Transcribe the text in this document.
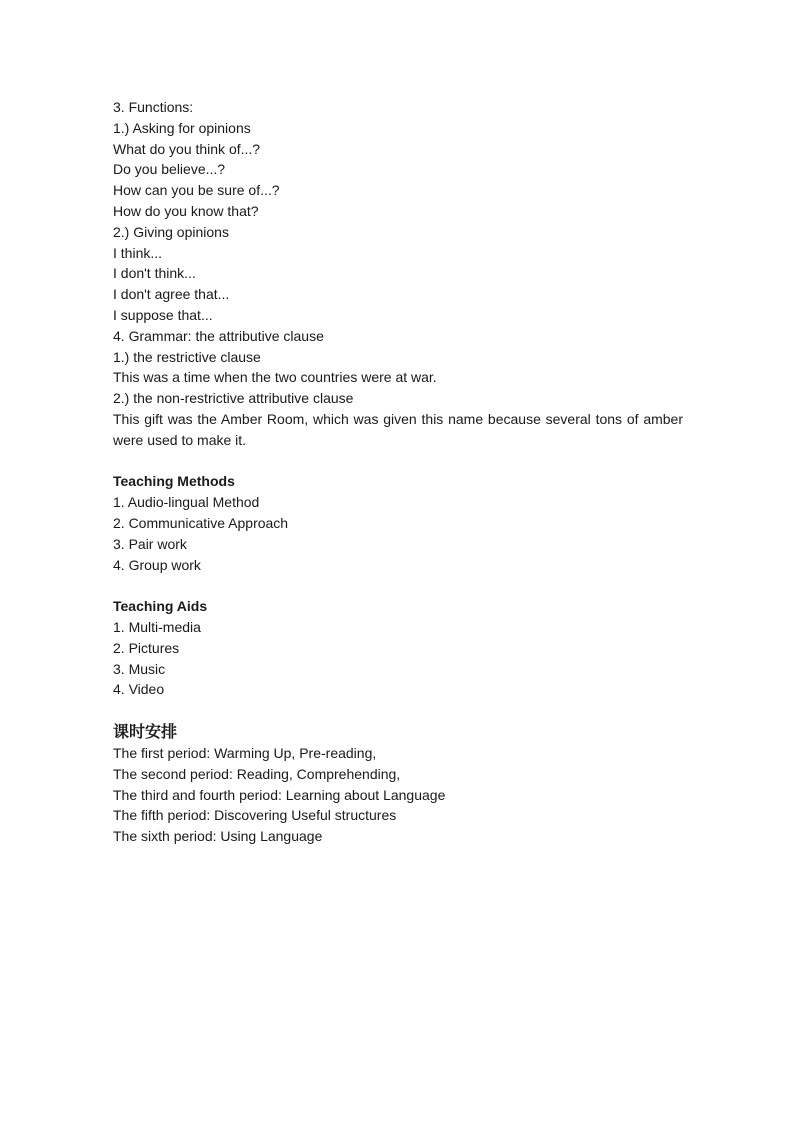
3. Functions:
1.) Asking for opinions
What do you think of...?
Do you believe...?
How can you be sure of...?
How do you know that?
2.) Giving opinions
I think...
I don't think...
I don't agree that...
I suppose that...
4. Grammar: the attributive clause
1.) the restrictive clause
This was a time when the two countries were at war.
2.) the non-restrictive attributive clause
This gift was the Amber Room, which was given this name because several tons of amber were used to make it.
Teaching Methods
1. Audio-lingual Method
2. Communicative Approach
3. Pair work
4. Group work
Teaching Aids
1. Multi-media
2. Pictures
3. Music
4. Video
课时安排
The first period: Warming Up, Pre-reading,
The second period: Reading, Comprehending,
The third and fourth period: Learning about Language
The fifth period: Discovering Useful structures
The sixth period: Using Language
